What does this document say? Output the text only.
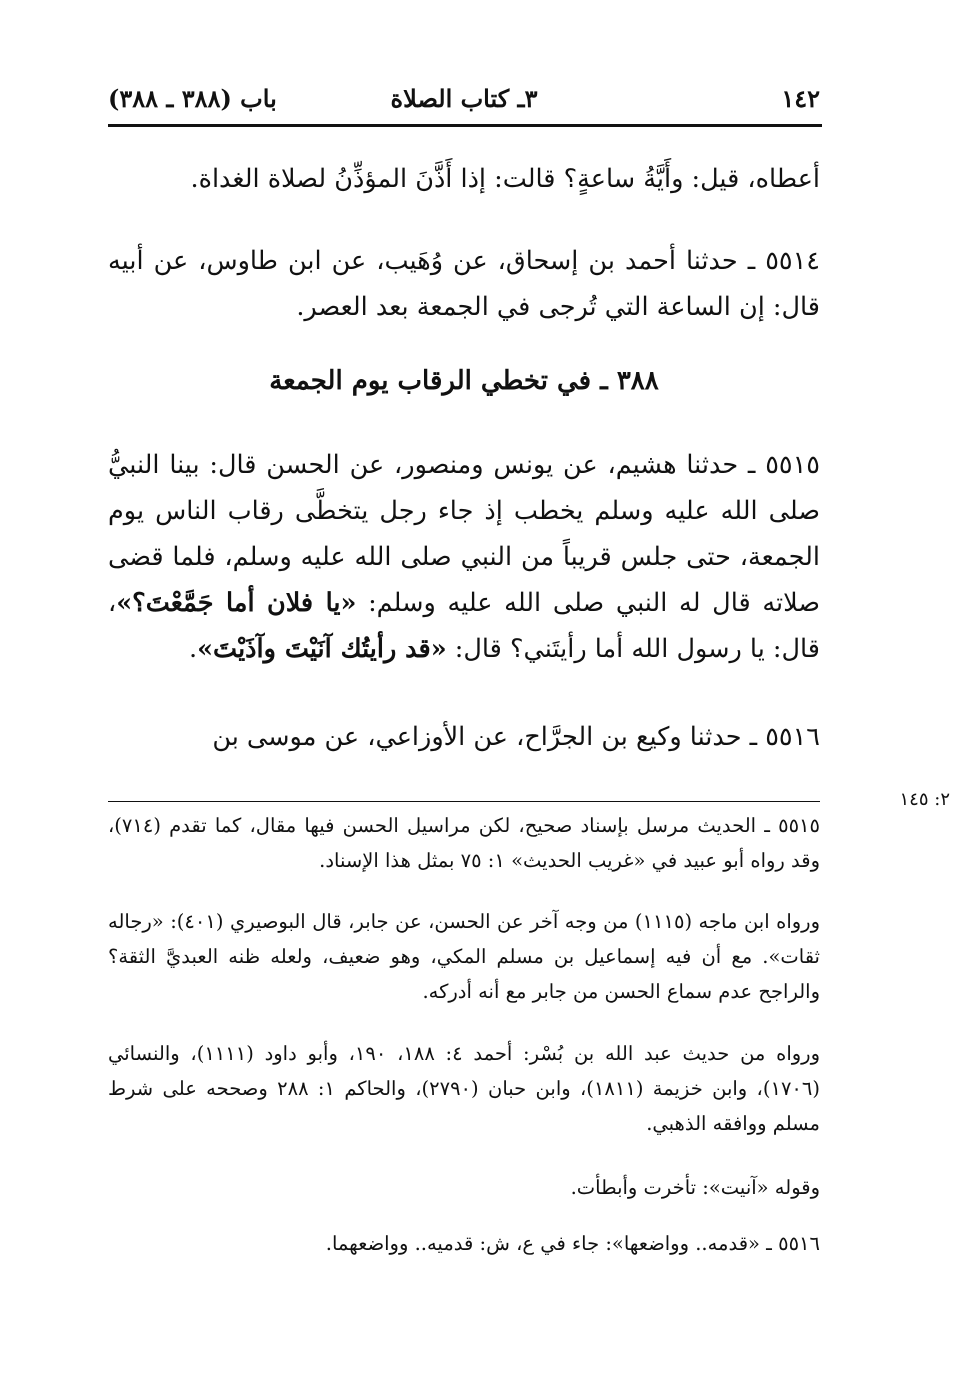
١٤٢
٣ـ كتاب الصلاة
باب (٣٨٨ ـ ٣٨٨)
أعطاه، قيل: وأَيَّةُ ساعةٍ؟ قالت: إذا أَذَّنَ المؤذِّنُ لصلاة الغداة.
٥٥١٤ ـ حدثنا أحمد بن إسحاق، عن وُهَيب، عن ابن طاوس، عن أبيه قال: إن الساعة التي تُرجى في الجمعة بعد العصر.
٣٨٨ ـ في تخطي الرقاب يوم الجمعة
٥٥١٥ ـ حدثنا هشيم، عن يونس ومنصور، عن الحسن قال: بينا النبيُّ صلى الله عليه وسلم يخطب إذ جاء رجل يتخطَّى رقاب الناس يوم الجمعة، حتى جلس قريباً من النبي صلى الله عليه وسلم، فلما قضى صلاته قال له النبي صلى الله عليه وسلم: «يا فلان أما جَمَّعْتَ؟»، قال: يا رسول الله أما رأيتَني؟ قال: «قد رأيتُك آنَيْتَ وآذَيْتَ».
٥٥١٦ ـ حدثنا وكيع بن الجرَّاح، عن الأوزاعي، عن موسى بن
٢: ١٤٥
٥٥١٥ ـ الحديث مرسل بإسناد صحيح، لكن مراسيل الحسن فيها مقال، كما تقدم (٧١٤)، وقد رواه أبو عبيد في «غريب الحديث» ١: ٧٥ بمثل هذا الإسناد.
ورواه ابن ماجه (١١١٥) من وجه آخر عن الحسن، عن جابر، قال البوصيري (٤٠١): «رجاله ثقات». مع أن فيه إسماعيل بن مسلم المكي، وهو ضعيف، ولعله ظنه العبديَّ الثقة؟ والراجح عدم سماع الحسن من جابر مع أنه أدركه.
ورواه من حديث عبد الله بن بُسْر: أحمد ٤: ١٨٨، ١٩٠، وأبو داود (١١١١)، والنسائي (١٧٠٦)، وابن خزيمة (١٨١١)، وابن حبان (٢٧٩٠)، والحاكم ١: ٢٨٨ وصححه على شرط مسلم ووافقه الذهبي.
وقوله «آنيت»: تأخرت وأبطأت.
٥٥١٦ ـ «قدمه.. وواضعها»: جاء في ع، ش: قدميه.. وواضعهما.
